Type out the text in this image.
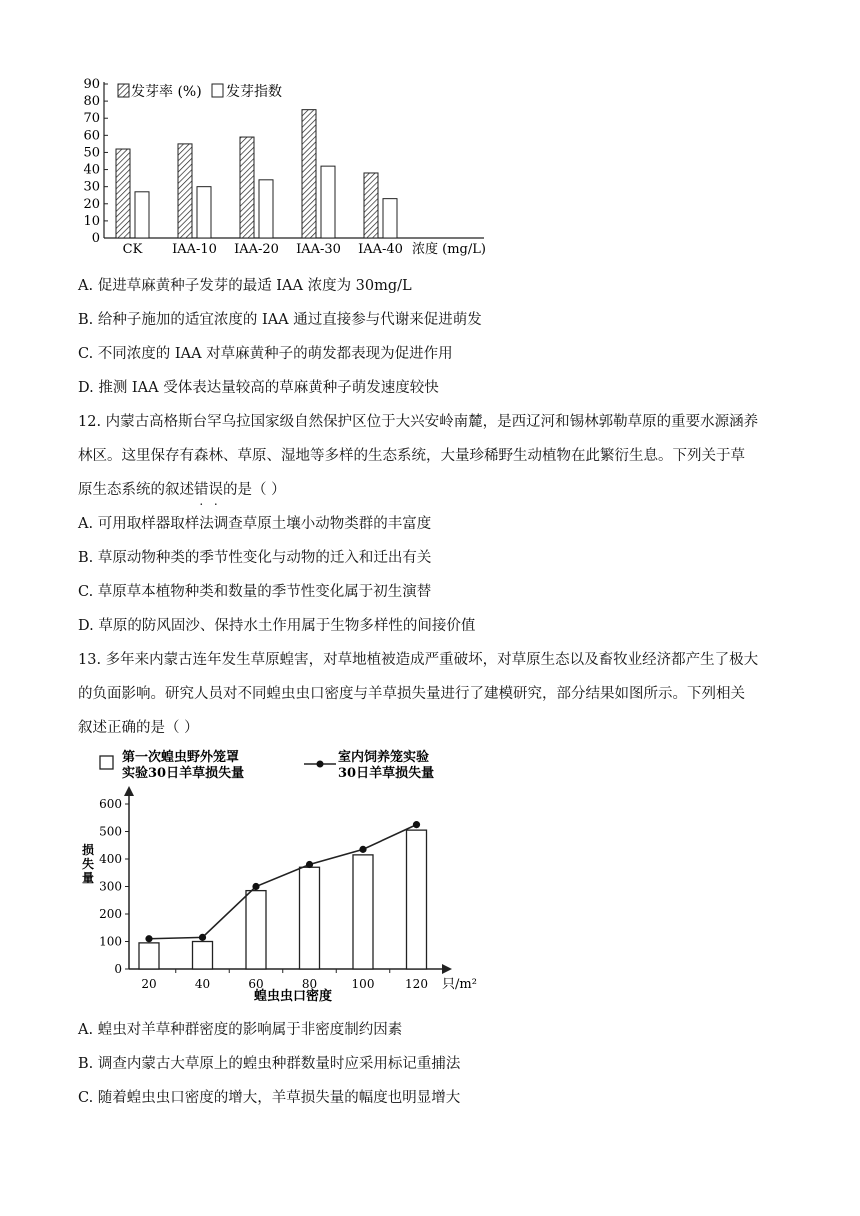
0
10
20
30
40
50
60
70
80
90
CK IAA-10 IAA-20 IAA-30 IAA-40
发芽率 (%) 发芽指数
浓度 (mg/L)
A. 促进草麻黄种子发芽的最适 IAA 浓度为 30mg/L
B. 给种子施加的适宜浓度的 IAA 通过直接参与代谢来促进萌发
C. 不同浓度的 IAA 对草麻黄种子的萌发都表现为促进作用
D. 推测 IAA 受体表达量较高的草麻黄种子萌发速度较快
12. 内蒙古高格斯台罕乌拉国家级自然保护区位于大兴安岭南麓，是西辽河和锡林郭勒草原的重要水源涵养
林区。这里保存有森林、草原、湿地等多样的生态系统，大量珍稀野生动植物在此繁衍生息。下列关于草
原生态系统的叙述错误的是（ ）
A. 可用取样器取样法调查草原土壤小动物类群的丰富度
B. 草原动物种类的季节性变化与动物的迁入和迁出有关
C. 草原草本植物种类和数量的季节性变化属于初生演替
D. 草原的防风固沙、保持水土作用属于生物多样性的间接价值
13. 多年来内蒙古连年发生草原蝗害，对草地植被造成严重破坏，对草原生态以及畜牧业经济都产生了极大
的负面影响。研究人员对不同蝗虫虫口密度与羊草损失量进行了建模研究，部分结果如图所示。下列相关
叙述正确的是（ ）
第一次蝗虫野外笼罩
实验30日羊草损失量
室内饲养笼实验
30日羊草损失量
0
100
200
300
400
500
600
20	40	60	80	100	120
损 失 量
只/m²
蝗虫虫口密度
A. 蝗虫对羊草种群密度的影响属于非密度制约因素
B. 调查内蒙古大草原上的蝗虫种群数量时应采用标记重捕法
C. 随着蝗虫虫口密度的增大，羊草损失量的幅度也明显增大
